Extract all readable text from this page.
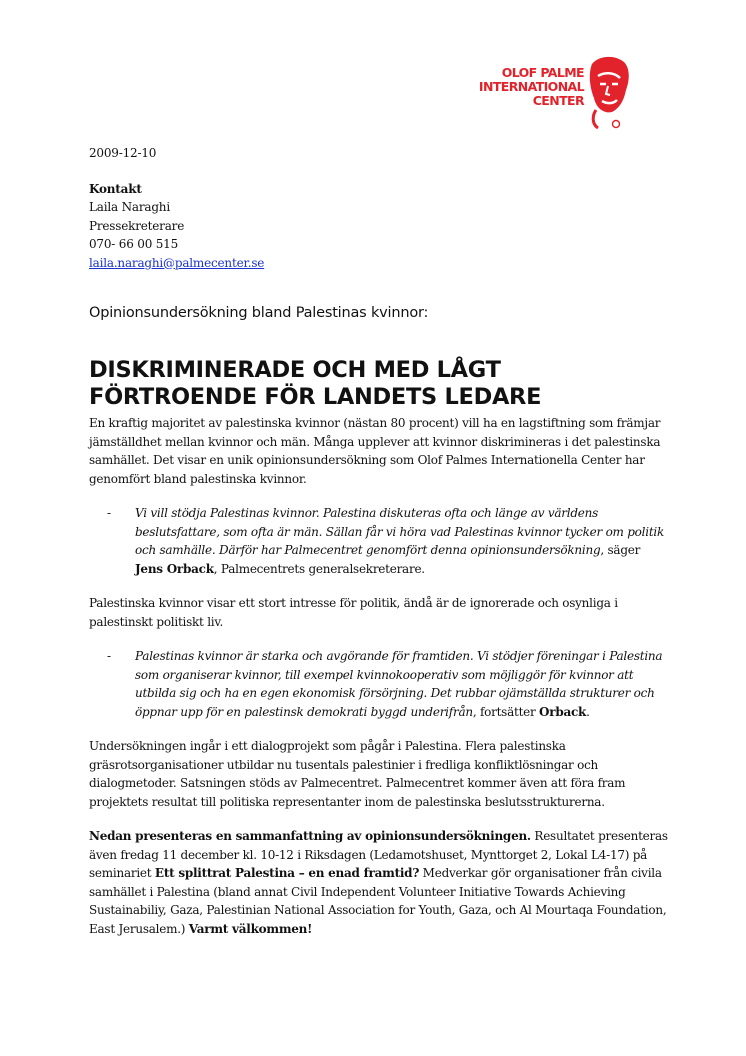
OLOF PALME
INTERNATIONAL
CENTER
2009-12-10
Kontakt
Laila Naraghi
Pressekreterare
070- 66 00 515
laila.naraghi@palmecenter.se
Opinionsundersökning bland Palestinas kvinnor:
DISKRIMINERADE OCH MED LÅGT
FÖRTROENDE FÖR LANDETS LEDARE

En kraftig majoritet av palestinska kvinnor (nästan 80 procent) vill ha en lagstiftning som främjar jämställdhet mellan kvinnor och män. Många upplever att kvinnor diskrimineras i det palestinska samhället. Det visar en unik opinionsundersökning som Olof Palmes Internationella Center har genomfört bland palestinska kvinnor.

- Vi vill stödja Palestinas kvinnor. Palestina diskuteras ofta och länge av världens beslutsfattare, som ofta är män. Sällan får vi höra vad Palestinas kvinnor tycker om politik och samhälle. Därför har Palmecentret genomfört denna opinionsundersökning, säger Jens Orback, Palmecentrets generalsekreterare.

Palestinska kvinnor visar ett stort intresse för politik, ändå är de ignorerade och osynliga i palestinskt politiskt liv.

- Palestinas kvinnor är starka och avgörande för framtiden. Vi stödjer föreningar i Palestina som organiserar kvinnor, till exempel kvinnokooperativ som möjliggör för kvinnor att utbilda sig och ha en egen ekonomisk försörjning. Det rubbar ojämställda strukturer och öppnar upp för en palestinsk demokrati byggd underifrån, fortsätter Orback.

Undersökningen ingår i ett dialogprojekt som pågår i Palestina. Flera palestinska gräsrotsorganisationer utbildar nu tusentals palestinier i fredliga konfliktlösningar och dialogmetoder. Satsningen stöds av Palmecentret. Palmecentret kommer även att föra fram projektets resultat till politiska representanter inom de palestinska beslutsstrukturerna.

Nedan presenteras en sammanfattning av opinionsundersökningen. Resultatet presenteras även fredag 11 december kl. 10-12 i Riksdagen (Ledamotshuset, Mynttorget 2, Lokal L4-17) på seminariet Ett splittrat Palestina – en enad framtid? Medverkar gör organisationer från civila samhället i Palestina (bland annat Civil Independent Volunteer Initiative Towards Achieving Sustainabiliy, Gaza, Palestinian National Association for Youth, Gaza, och Al Mourtaqa Foundation, East Jerusalem.) Varmt välkommen!
